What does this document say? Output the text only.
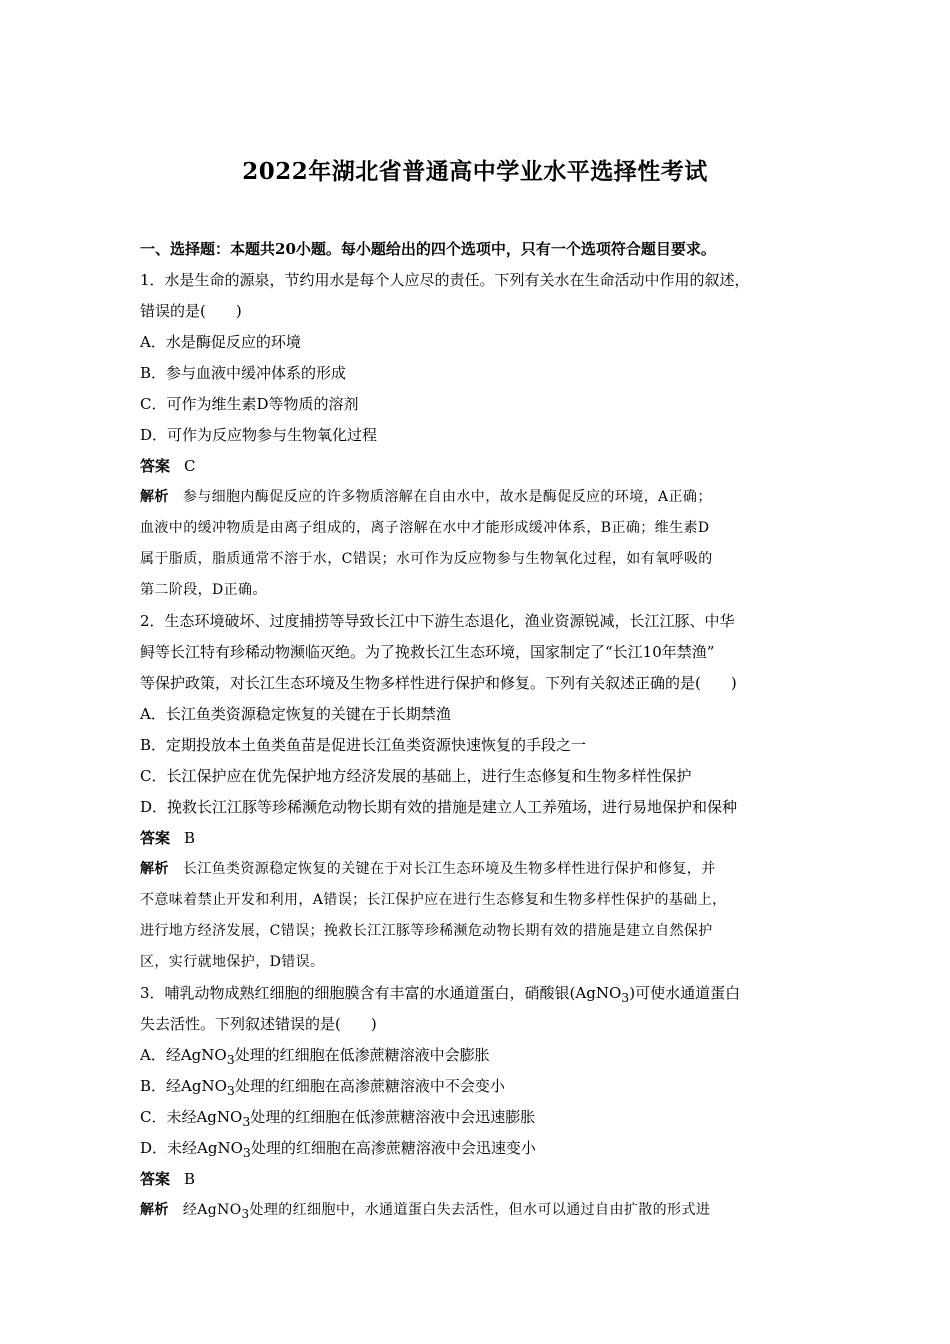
2022年湖北省普通高中学业水平选择性考试
一、选择题：本题共20小题。每小题给出的四个选项中，只有一个选项符合题目要求。
1．水是生命的源泉，节约用水是每个人应尽的责任。下列有关水在生命活动中作用的叙述，
错误的是(　　)
A．水是酶促反应的环境
B．参与血液中缓冲体系的形成
C．可作为维生素D等物质的溶剂
D．可作为反应物参与生物氧化过程
答案 C
解析 参与细胞内酶促反应的许多物质溶解在自由水中，故水是酶促反应的环境，A正确；
血液中的缓冲物质是由离子组成的，离子溶解在水中才能形成缓冲体系，B正确；维生素D
属于脂质，脂质通常不溶于水，C错误；水可作为反应物参与生物氧化过程，如有氧呼吸的
第二阶段，D正确。
2．生态环境破坏、过度捕捞等导致长江中下游生态退化，渔业资源锐减，长江江豚、中华
鲟等长江特有珍稀动物濒临灭绝。为了挽救长江生态环境，国家制定了“长江10年禁渔”
等保护政策，对长江生态环境及生物多样性进行保护和修复。下列有关叙述正确的是(　　)
A．长江鱼类资源稳定恢复的关键在于长期禁渔
B．定期投放本土鱼类鱼苗是促进长江鱼类资源快速恢复的手段之一
C．长江保护应在优先保护地方经济发展的基础上，进行生态修复和生物多样性保护
D．挽救长江江豚等珍稀濒危动物长期有效的措施是建立人工养殖场，进行易地保护和保种
答案 B
解析 长江鱼类资源稳定恢复的关键在于对长江生态环境及生物多样性进行保护和修复，并
不意味着禁止开发和利用，A错误；长江保护应在进行生态修复和生物多样性保护的基础上，
进行地方经济发展，C错误；挽救长江江豚等珍稀濒危动物长期有效的措施是建立自然保护
区，实行就地保护，D错误。
3．哺乳动物成熟红细胞的细胞膜含有丰富的水通道蛋白，硝酸银(AgNO$_3$)可使水通道蛋白
失去活性。下列叙述错误的是(　　)
A．经AgNO$_3$处理的红细胞在低渗蔗糖溶液中会膨胀
B．经AgNO$_3$处理的红细胞在高渗蔗糖溶液中不会变小
C．未经AgNO$_3$处理的红细胞在低渗蔗糖溶液中会迅速膨胀
D．未经AgNO$_3$处理的红细胞在高渗蔗糖溶液中会迅速变小
答案 B
解析 经AgNO$_3$处理的红细胞中，水通道蛋白失去活性，但水可以通过自由扩散的形式进
